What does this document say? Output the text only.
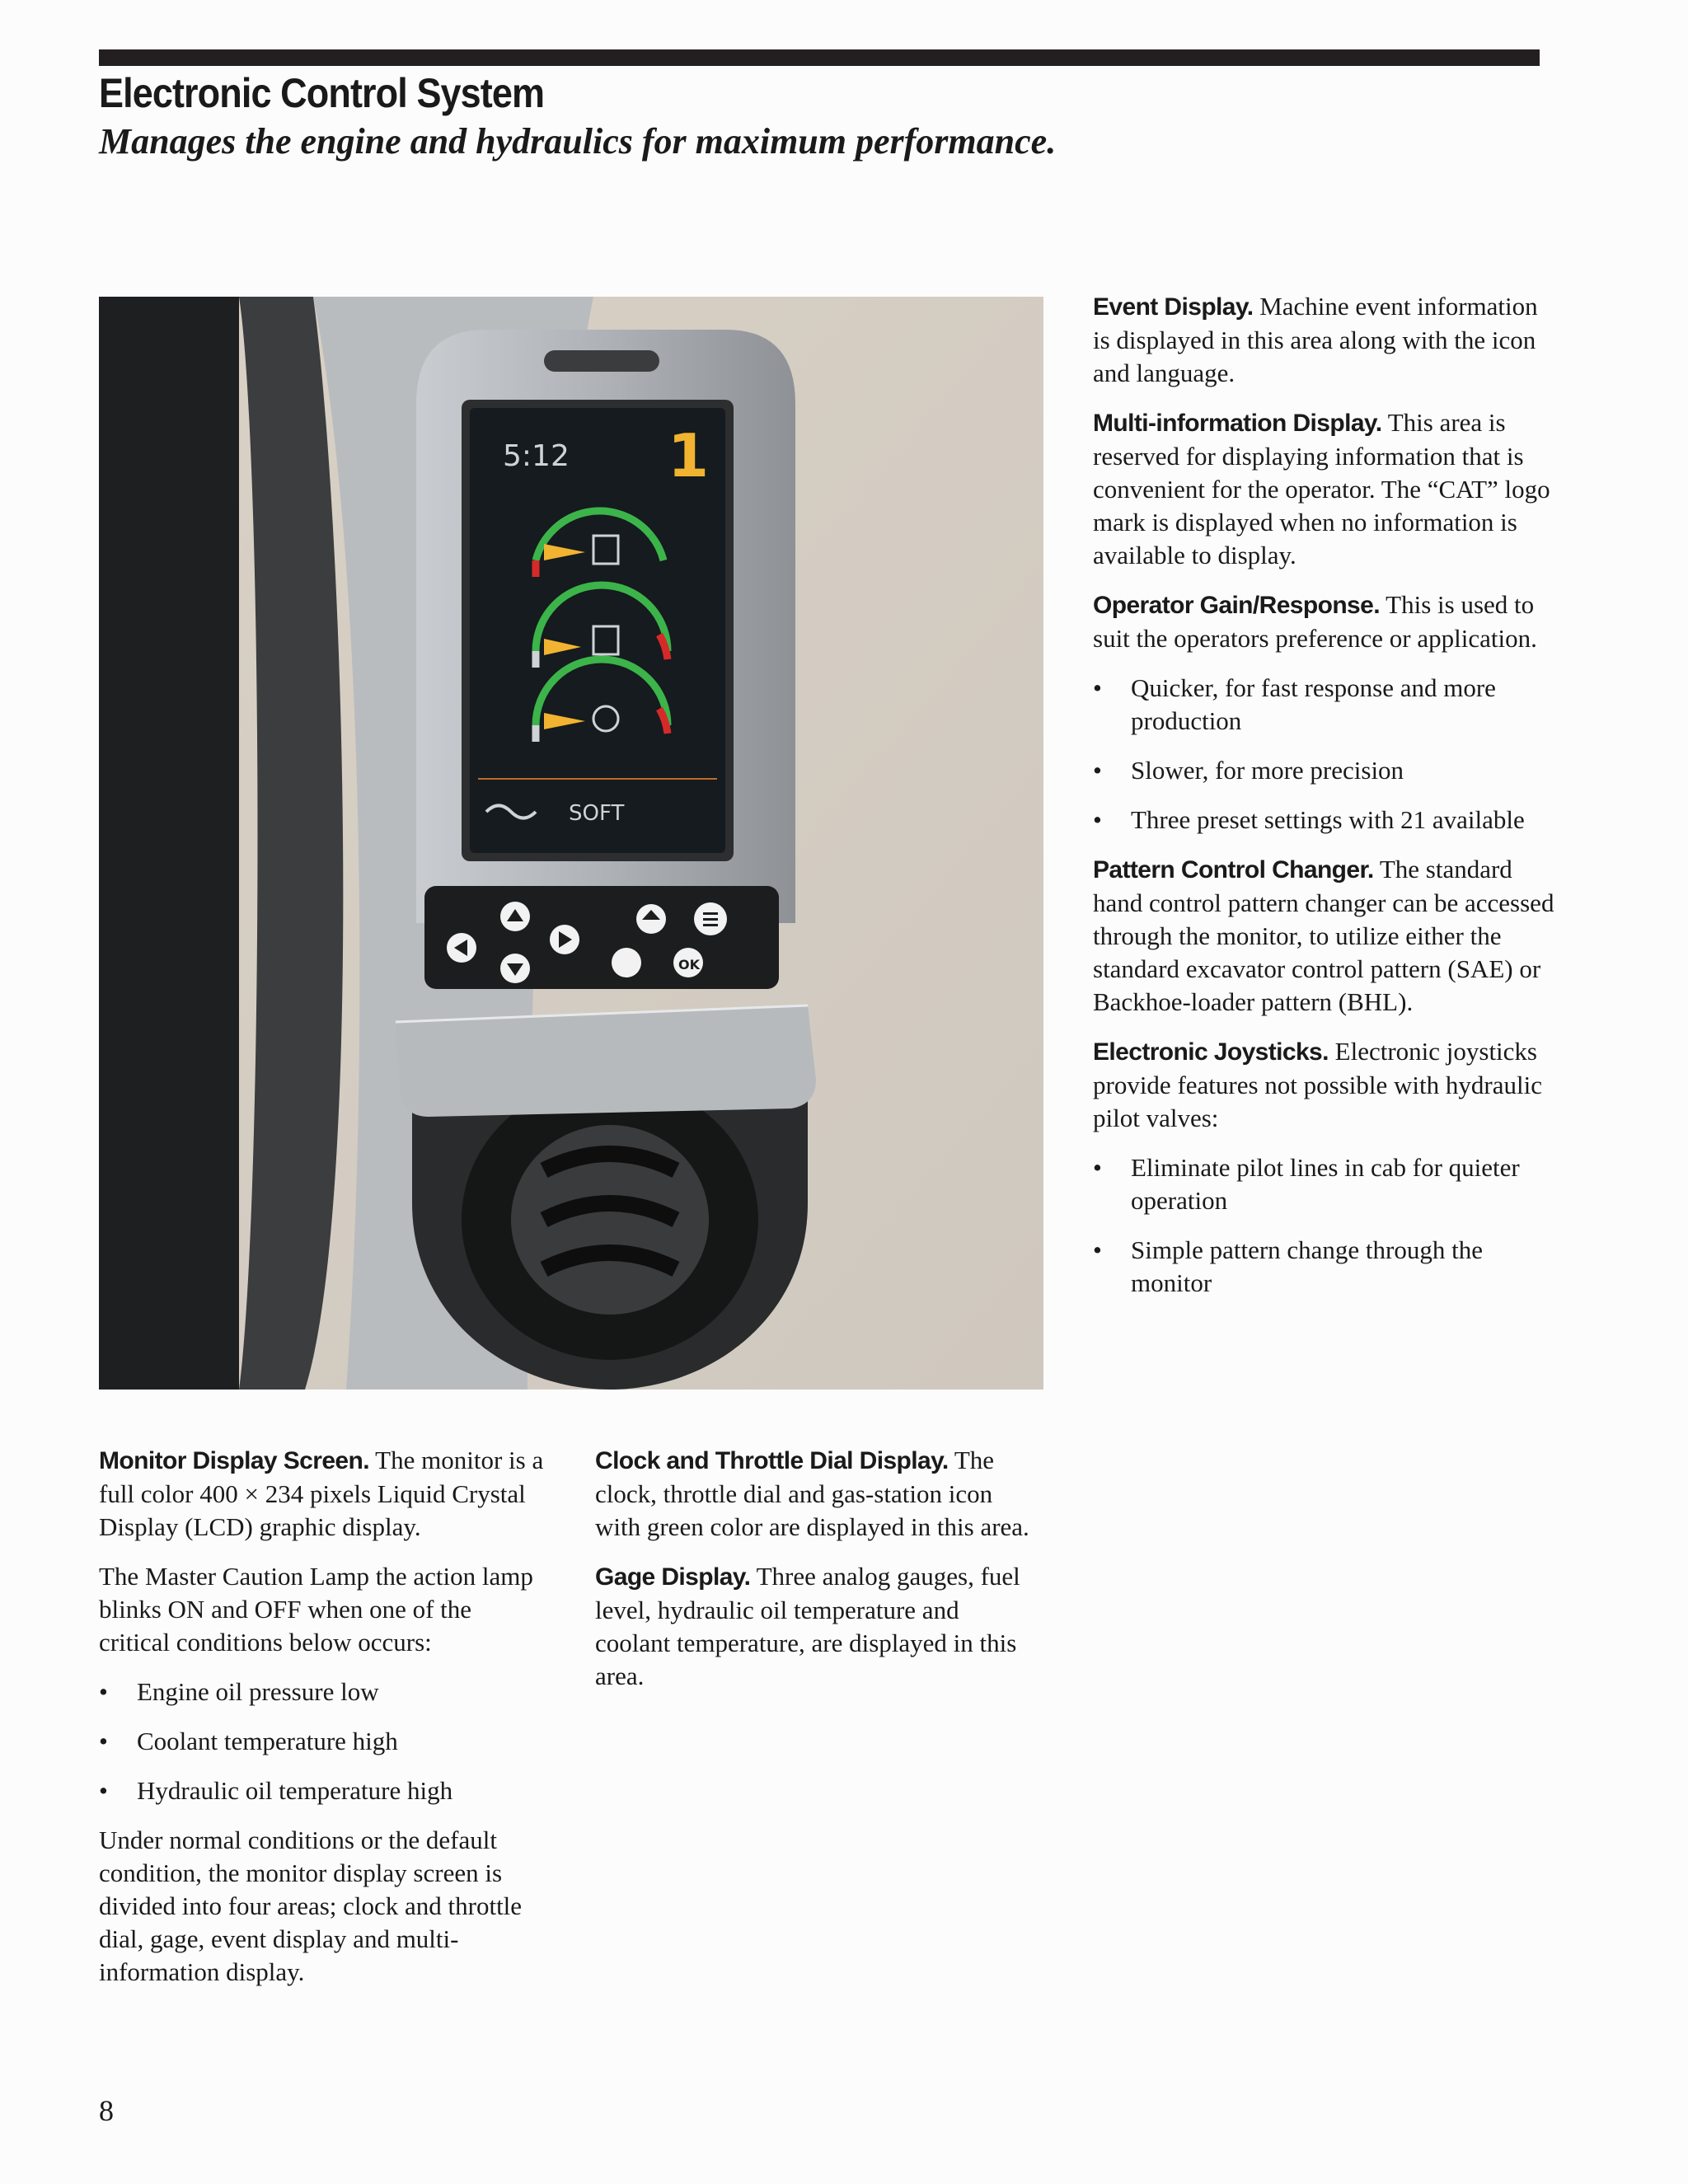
Electronic Control System
Manages the engine and hydraulics for maximum performance.
5:12 1
SOFT
OK

Event Display. Machine event information is displayed in this area along with the icon and language.

Multi-information Display. This area is reserved for displaying information that is convenient for the operator. The “CAT” logo mark is displayed when no information is available to display.

Operator Gain/Response. This is used to suit the operators preference or application.

• Quicker, for fast response and more production
• Slower, for more precision
• Three preset settings with 21 available

Pattern Control Changer. The standard hand control pattern changer can be accessed through the monitor, to utilize either the standard excavator control pattern (SAE) or Backhoe-loader pattern (BHL).

Electronic Joysticks. Electronic joysticks provide features not possible with hydraulic pilot valves:

• Eliminate pilot lines in cab for quieter operation
• Simple pattern change through the monitor

Monitor Display Screen. The monitor is a full color 400 × 234 pixels Liquid Crystal Display (LCD) graphic display.

The Master Caution Lamp the action lamp blinks ON and OFF when one of the critical conditions below occurs:

• Engine oil pressure low
• Coolant temperature high
• Hydraulic oil temperature high

Under normal conditions or the default condition, the monitor display screen is divided into four areas; clock and throttle dial, gage, event display and multi-information display.

Clock and Throttle Dial Display. The clock, throttle dial and gas-station icon with green color are displayed in this area.

Gage Display. Three analog gauges, fuel level, hydraulic oil temperature and coolant temperature, are displayed in this area.

8
